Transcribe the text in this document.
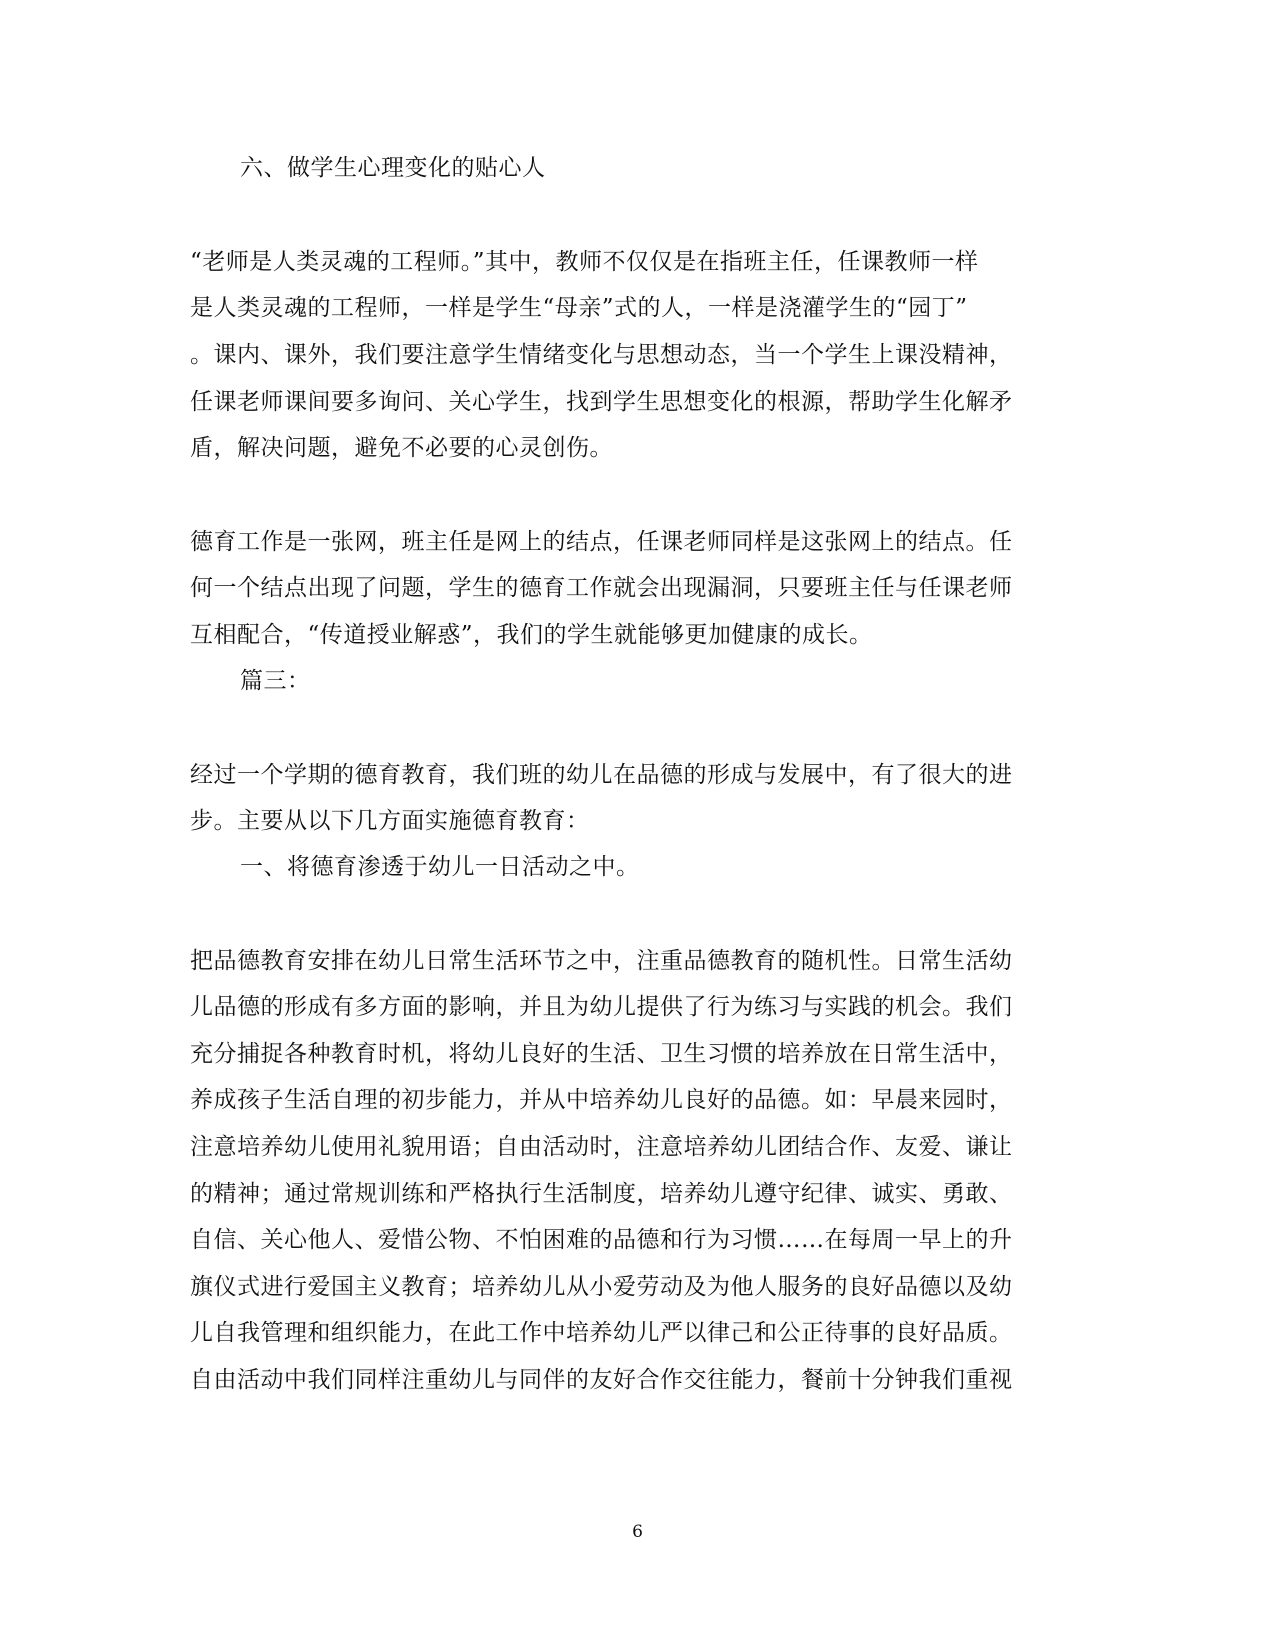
六、做学生心理变化的贴心人
“老师是人类灵魂的工程师。”其中，教师不仅仅是在指班主任，任课教师一样
是人类灵魂的工程师，一样是学生“母亲”式的人，一样是浇灌学生的“园丁”
。课内、课外，我们要注意学生情绪变化与思想动态，当一个学生上课没精神，
任课老师课间要多询问、关心学生，找到学生思想变化的根源，帮助学生化解矛
盾，解决问题，避免不必要的心灵创伤。
德育工作是一张网，班主任是网上的结点，任课老师同样是这张网上的结点。任
何一个结点出现了问题，学生的德育工作就会出现漏洞，只要班主任与任课老师
互相配合，“传道授业解惑”，我们的学生就能够更加健康的成长。
篇三：
经过一个学期的德育教育，我们班的幼儿在品德的形成与发展中，有了很大的进
步。主要从以下几方面实施德育教育：
一、将德育渗透于幼儿一日活动之中。
把品德教育安排在幼儿日常生活环节之中，注重品德教育的随机性。日常生活幼
儿品德的形成有多方面的影响，并且为幼儿提供了行为练习与实践的机会。我们
充分捕捉各种教育时机，将幼儿良好的生活、卫生习惯的培养放在日常生活中，
养成孩子生活自理的初步能力，并从中培养幼儿良好的品德。如：早晨来园时，
注意培养幼儿使用礼貌用语；自由活动时，注意培养幼儿团结合作、友爱、谦让
的精神；通过常规训练和严格执行生活制度，培养幼儿遵守纪律、诚实、勇敢、
自信、关心他人、爱惜公物、不怕困难的品德和行为习惯……在每周一早上的升
旗仪式进行爱国主义教育；培养幼儿从小爱劳动及为他人服务的良好品德以及幼
儿自我管理和组织能力，在此工作中培养幼儿严以律己和公正待事的良好品质。
自由活动中我们同样注重幼儿与同伴的友好合作交往能力，餐前十分钟我们重视
6
